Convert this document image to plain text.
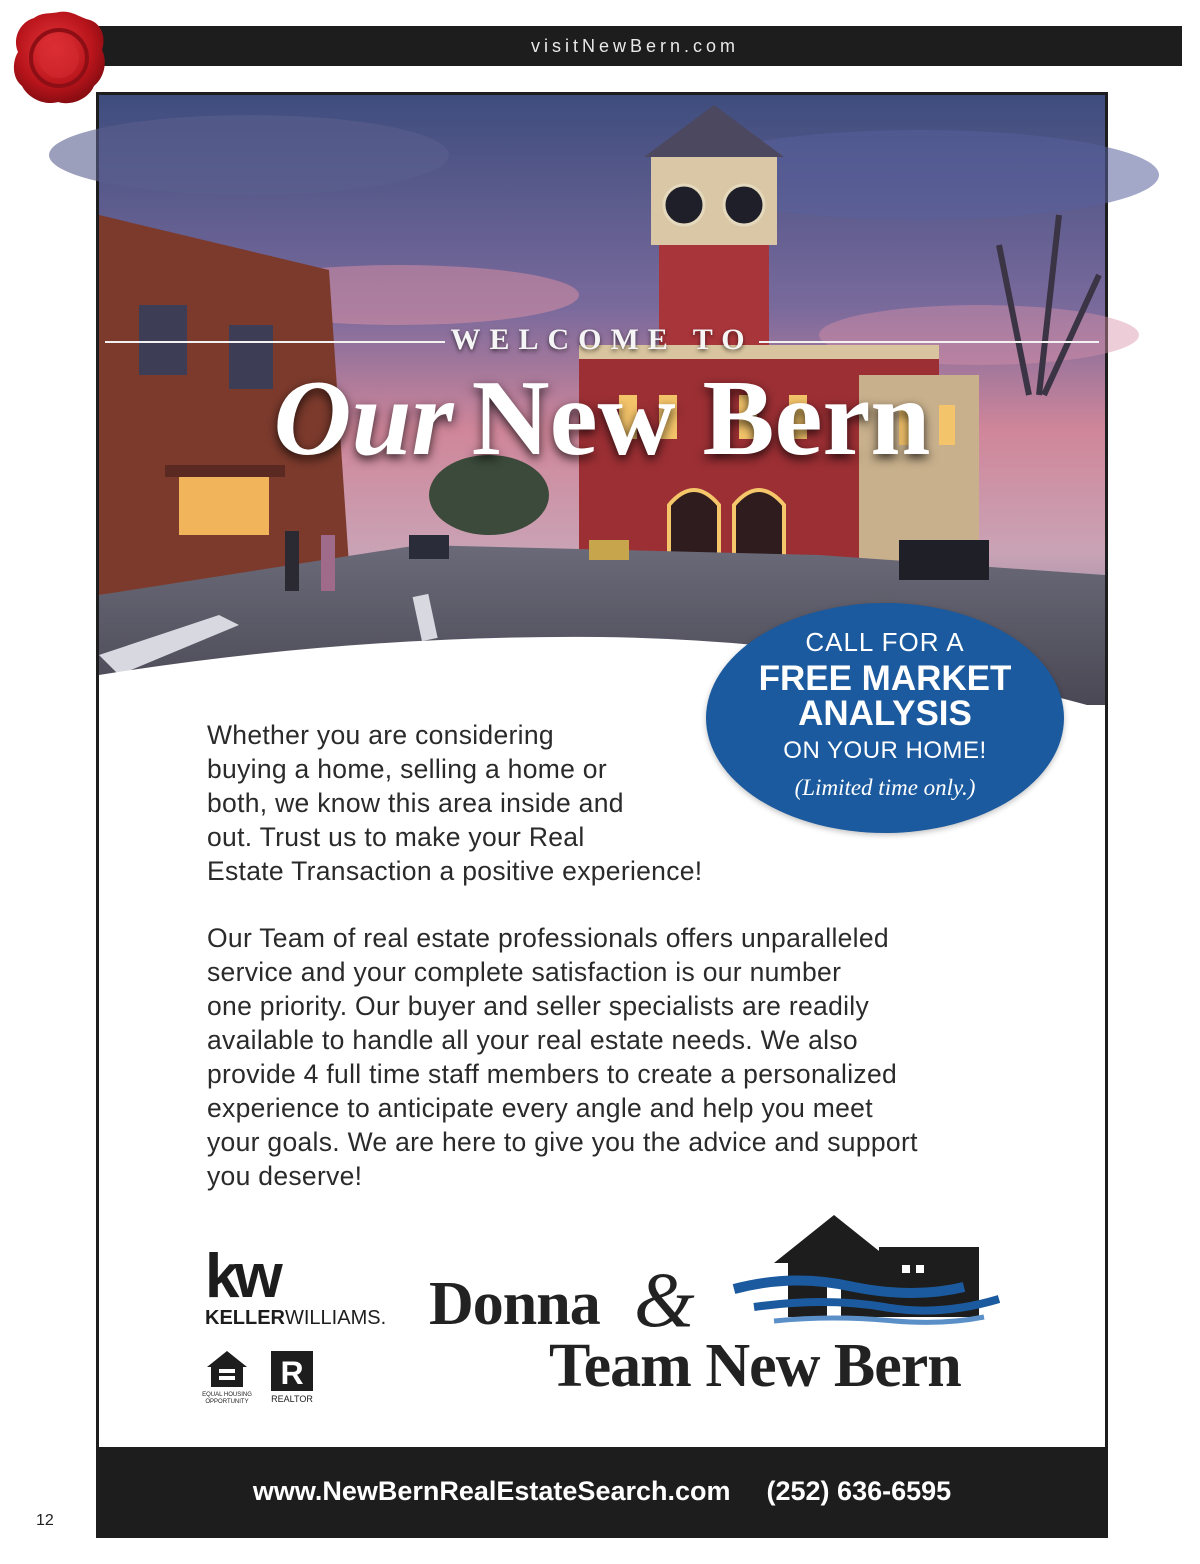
visitNewBern.com
WELCOME TO
Our New Bern
CALL FOR A
FREE MARKET
ANALYSIS
ON YOUR HOME!
(Limited time only.)
Whether you are considering
buying a home, selling a home or
both, we know this area inside and
out. Trust us to make your Real
Estate Transaction a positive experience!
Our Team of real estate professionals offers unparalleled
service and your complete satisfaction is our number
one priority. Our buyer and seller specialists are readily
available to handle all your real estate needs. We also
provide 4 full time staff members to create a personalized
experience to anticipate every angle and help you meet
your goals. We are here to give you the advice and support
you deserve!
kw
KELLERWILLIAMS.
EQUAL HOUSING
OPPORTUNITY
R
REALTOR
Donna &
Team New Bern
www.NewBernRealEstateSearch.com (252) 636-6595
12
